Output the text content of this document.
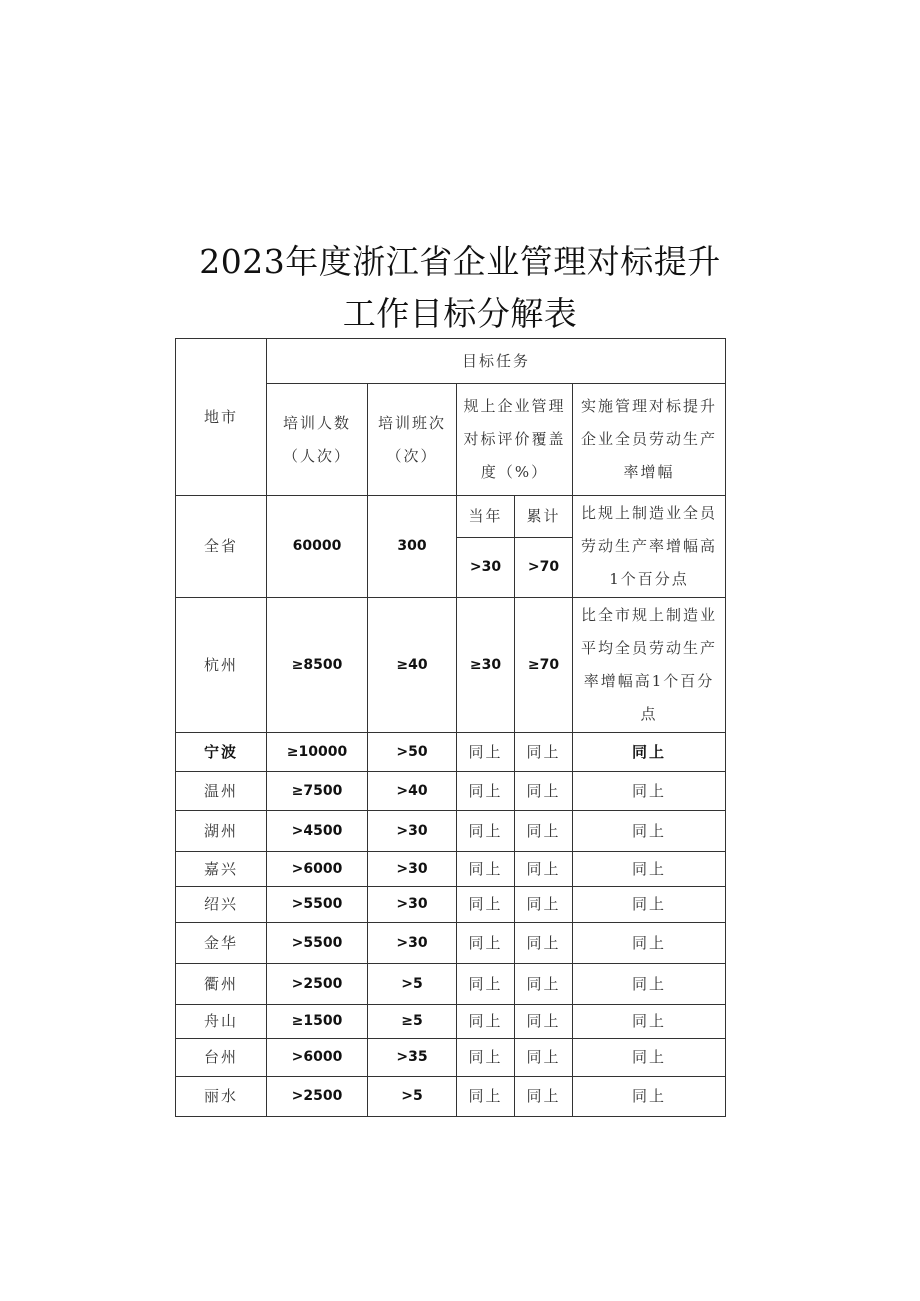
2023年度浙江省企业管理对标提升
工作目标分解表
地市	目标任务				
	培训人数（人次）	培训班次（次）	规上企业管理对标评价覆盖度（%）		实施管理对标提升企业全员劳动生产率增幅
全省	60000	300	当年	累计	比规上制造业全员劳动生产率增幅高1个百分点
			>30	>70	
杭州	≥8500	≥40	≥30	≥70	比全市规上制造业平均全员劳动生产率增幅高1个百分点
宁波	≥10000	>50	同上	同上	同上
温州	≥7500	>40	同上	同上	同上
湖州	>4500	>30	同上	同上	同上
嘉兴	>6000	>30	同上	同上	同上
绍兴	>5500	>30	同上	同上	同上
金华	>5500	>30	同上	同上	同上
衢州	>2500	>5	同上	同上	同上
舟山	≥1500	≥5	同上	同上	同上
台州	>6000	>35	同上	同上	同上
丽水	>2500	>5	同上	同上	同上
